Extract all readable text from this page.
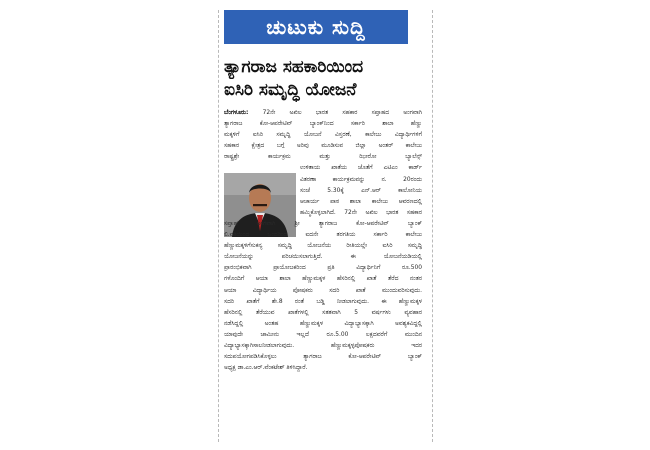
ಚುಟುಕು ಸುದ್ದಿ
ತ್ಯಾಗರಾಜ ಸಹಕಾರಿಯಿಂದ
ಐಸಿರಿ ಸಮೃದ್ಧಿ ಯೋಜನೆ
ಬೆಂಗಳೂರು: 72ನೇ ಅಖಿಲ ಭಾರತ ಸಹಕಾರ ಸಪ್ತಾಹದ ಅಂಗವಾಗಿ
ತ್ಯಾಗರಾಜ ಕೋ-ಆಪರೇಟಿವ್ ಬ್ಯಾಂಕ್‌ನಿಂದ ಸರ್ಕಾರಿ ಶಾಲಾ ಹೆಣ್ಣು
ಮಕ್ಕಳಿಗೆ ಐಸಿರಿ ಸಮೃದ್ಧಿ ಯೋಜನೆ ವಿಸ್ತರಣೆ, ಕಾಲೇಜು ವಿದ್ಯಾರ್ಥಿಗಳಿಗೆ
ಸಹಕಾರ ಕ್ಷೇತ್ರದ ಬಗ್ಗೆ ಅರಿವು ಮೂಡಿಸುವ ಜಿಲ್ಲಾ ಅಂತರ್ ಕಾಲೇಜು
ರಾಷ್ಟ್ರಶ್ರೇ ಕಾರ್ಯಕ್ರಮ ಮತ್ತು ಝೀರೋ ಬ್ಯಾಲೆನ್ಸ್
ಉಳಿತಾಯ ಖಾತೆಯ ಜೊತೆಗೆ ಎಟಿಎಂ ಕಾರ್ಡ್
ವಿತರಣಾ ಕಾರ್ಯಕ್ರಮವನ್ನು ನ. 20ರಂದು
ಸಂಜೆ 5.30ಕ್ಕೆ ಎನ್.ಆರ್ ಕಾಲೋನಿಯ
ಆಚಾರ್ಯ ಪಾಠ ಶಾಲಾ ಕಾಲೇಜು ಆವರಣದಲ್ಲಿ
ಹಮ್ಮಿಕೊಳ್ಳಲಾಗಿದೆ. 72ನೇ ಅಖಿಲ ಭಾರತ ಸಹಕಾರ
ಸಪ್ತಾಹ ಅಂಗವಾಗಿ ಶ್ರೀ ತ್ಯಾಗರಾಜ ಕೋ-ಆಪರೇಟಿವ್ ಬ್ಯಾಂಕ್
ಲಿ.ವತಿಯಿಂದ ಒಂದರಿಂದ ಐದನೇ ತರಗತಿಯ ಸರ್ಕಾರಿ ಕಾಲೇಜು
ಹೆಣ್ಣುಮಕ್ಕಳಿಗೆಸುಕನ್ಯ ಸಮೃದ್ಧಿ ಯೋಜನೆಯ ರೀತಿಯಲ್ಲೇ ಐಸಿರಿ ಸಮೃದ್ಧಿ
ಯೋಜನೆಯನ್ನು ಪರಿಚಯಿಸಲಾಗುತ್ತಿದೆ. ಈ ಯೋಜನೆಯಡಿಯಲ್ಲಿ
ಪ್ರಾರಂಭಿಕವಾಗಿ ಪ್ರಾಯೋಜಕರಿಂದ ಪ್ರತಿ ವಿದ್ಯಾರ್ಥಿನಿಗೆ ರೂ.500
ಗಳೊಂದಿಗೆ ಆಯಾ ಶಾಲಾ ಹೆಣ್ಣುಮಕ್ಕಳ ಹೆಸರಿನಲ್ಲಿ ಖಾತೆ ತೆರೆದ ನಂತರ
ಆಯಾ ವಿದ್ಯಾರ್ಥಿಯ ಪೋಷಕರು ಸದರಿ ಖಾತೆ ಮುಂದುವರಿಸುವುದು.
ಸದರಿ ಖಾತೆಗೆ ಶೇ.8 ರಂತೆ ಬಡ್ಡಿ ನೀಡಲಾಗುವುದು. ಈ ಹೆಣ್ಣುಮಕ್ಕಳ
ಹೆಸರಿನಲ್ಲಿ ತೆರೆಯುವ ಖಾತೆಗಳಲ್ಲಿ ಸತತವಾಗಿ 5 ವರ್ಷಗಳು ವ್ಯವಹಾರ
ನಡೆಸಿದ್ದಲ್ಲಿ ಅಂತಹ ಹೆಣ್ಣುಮಕ್ಕಳ ವಿದ್ಯಾಭ್ಯಾಸಕ್ಕಾಗಿ ಅವಶ್ಯಕವಿದ್ದಲ್ಲಿ
ಯಾವುದೇ ಜಾಮೀನು ಇಲ್ಲದೆ ರೂ.5.00 ಲಕ್ಷದವರೆಗೆ ಮುಂದಿನ
ವಿದ್ಯಾಭ್ಯಾಸಕ್ಕಾಗಿಸಾಲನೀಡಲಾಗುವುದು. ಹೆಣ್ಣುಮಕ್ಕಳ್ಳಪೋಷಕರು ಇದರ
ಸದುಪಯೋಗಪಡಿಸಿಕೊಳ್ಳಲು ತ್ಯಾಗರಾಜ ಕೋ-ಆಪರೇಟಿವ್ ಬ್ಯಾಂಕ್
ಅಧ್ಯಕ್ಷ ಡಾ.ಎಂ.ಆರ್.ವೆಂಕಟೇಶ್ ತಿಳಿಸಿದ್ದಾರೆ.
